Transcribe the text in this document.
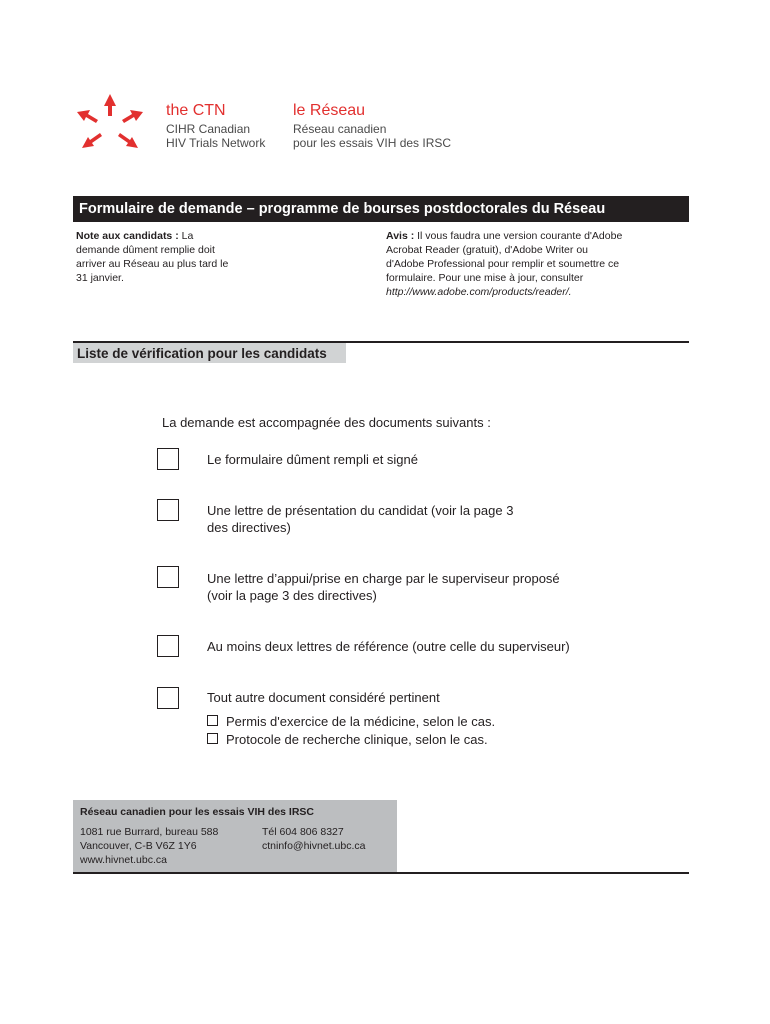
the CTN
CIHR Canadian
HIV Trials Network
le Réseau
Réseau canadien
pour les essais VIH des IRSC
Formulaire de demande – programme de bourses postdoctorales du Réseau
Note aux candidats : La
demande dûment remplie doit
arriver au Réseau au plus tard le
31 janvier.
Avis : Il vous faudra une version courante d'Adobe
Acrobat Reader (gratuit), d'Adobe Writer ou
d'Adobe Professional pour remplir et soumettre ce
formulaire. Pour une mise à jour, consulter
http://www.adobe.com/products/reader/.
Liste de vérification pour les candidats
La demande est accompagnée des documents suivants :
Le formulaire dûment rempli et signé
Une lettre de présentation du candidat (voir la page 3
des directives)
Une lettre d’appui/prise en charge par le superviseur proposé
(voir la page 3 des directives)
Au moins deux lettres de référence (outre celle du superviseur)
Tout autre document considéré pertinent
Permis d'exercice de la médicine, selon le cas.
Protocole de recherche clinique, selon le cas.
Réseau canadien pour les essais VIH des IRSC
1081 rue Burrard, bureau 588
Vancouver, C-B V6Z 1Y6
www.hivnet.ubc.ca
Tél 604 806 8327
ctninfo@hivnet.ubc.ca
